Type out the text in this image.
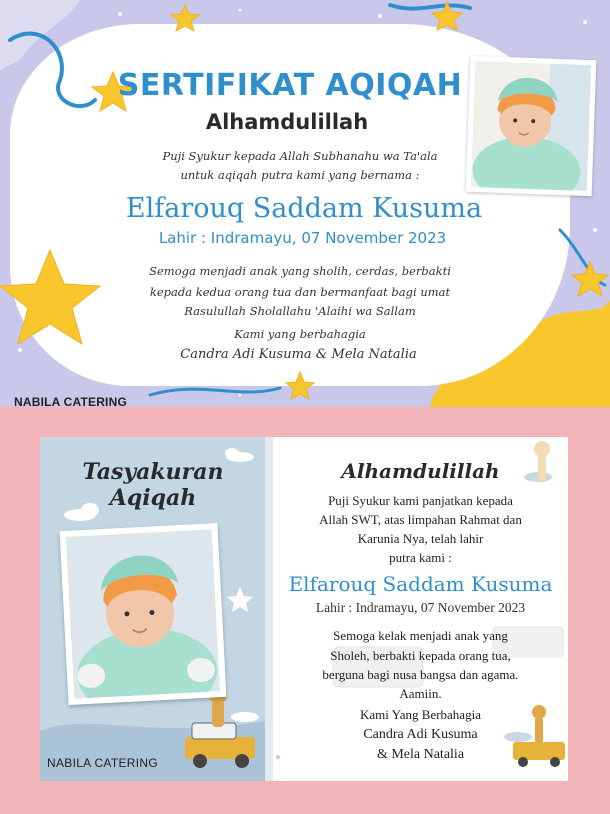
SERTIFIKAT AQIQAH
Alhamdulillah
Puji Syukur kepada Allah Subhanahu wa Ta'ala
untuk aqiqah putra kami yang bernama :
Elfarouq Saddam Kusuma
Lahir : Indramayu, 07 November 2023
Semoga menjadi anak yang sholih, cerdas, berbakti
kepada kedua orang tua dan bermanfaat bagi umat
Rasulullah Sholallahu 'Alaihi wa Sallam
Kami yang berbahagia
Candra Adi Kusuma & Mela Natalia
NABILA CATERING
Tasyakuran Aqiqah
NABILA CATERING
Alhamdulillah
Puji Syukur kami panjatkan kepada
Allah SWT, atas limpahan Rahmat dan
Karunia Nya, telah lahir
putra kami :
Elfarouq Saddam Kusuma
Lahir : Indramayu, 07 November 2023
Semoga kelak menjadi anak yang
Sholeh, berbakti kepada orang tua,
berguna bagi nusa bangsa dan agama.
Aamiin.
Kami Yang Berbahagia
Candra Adi Kusuma
& Mela Natalia
